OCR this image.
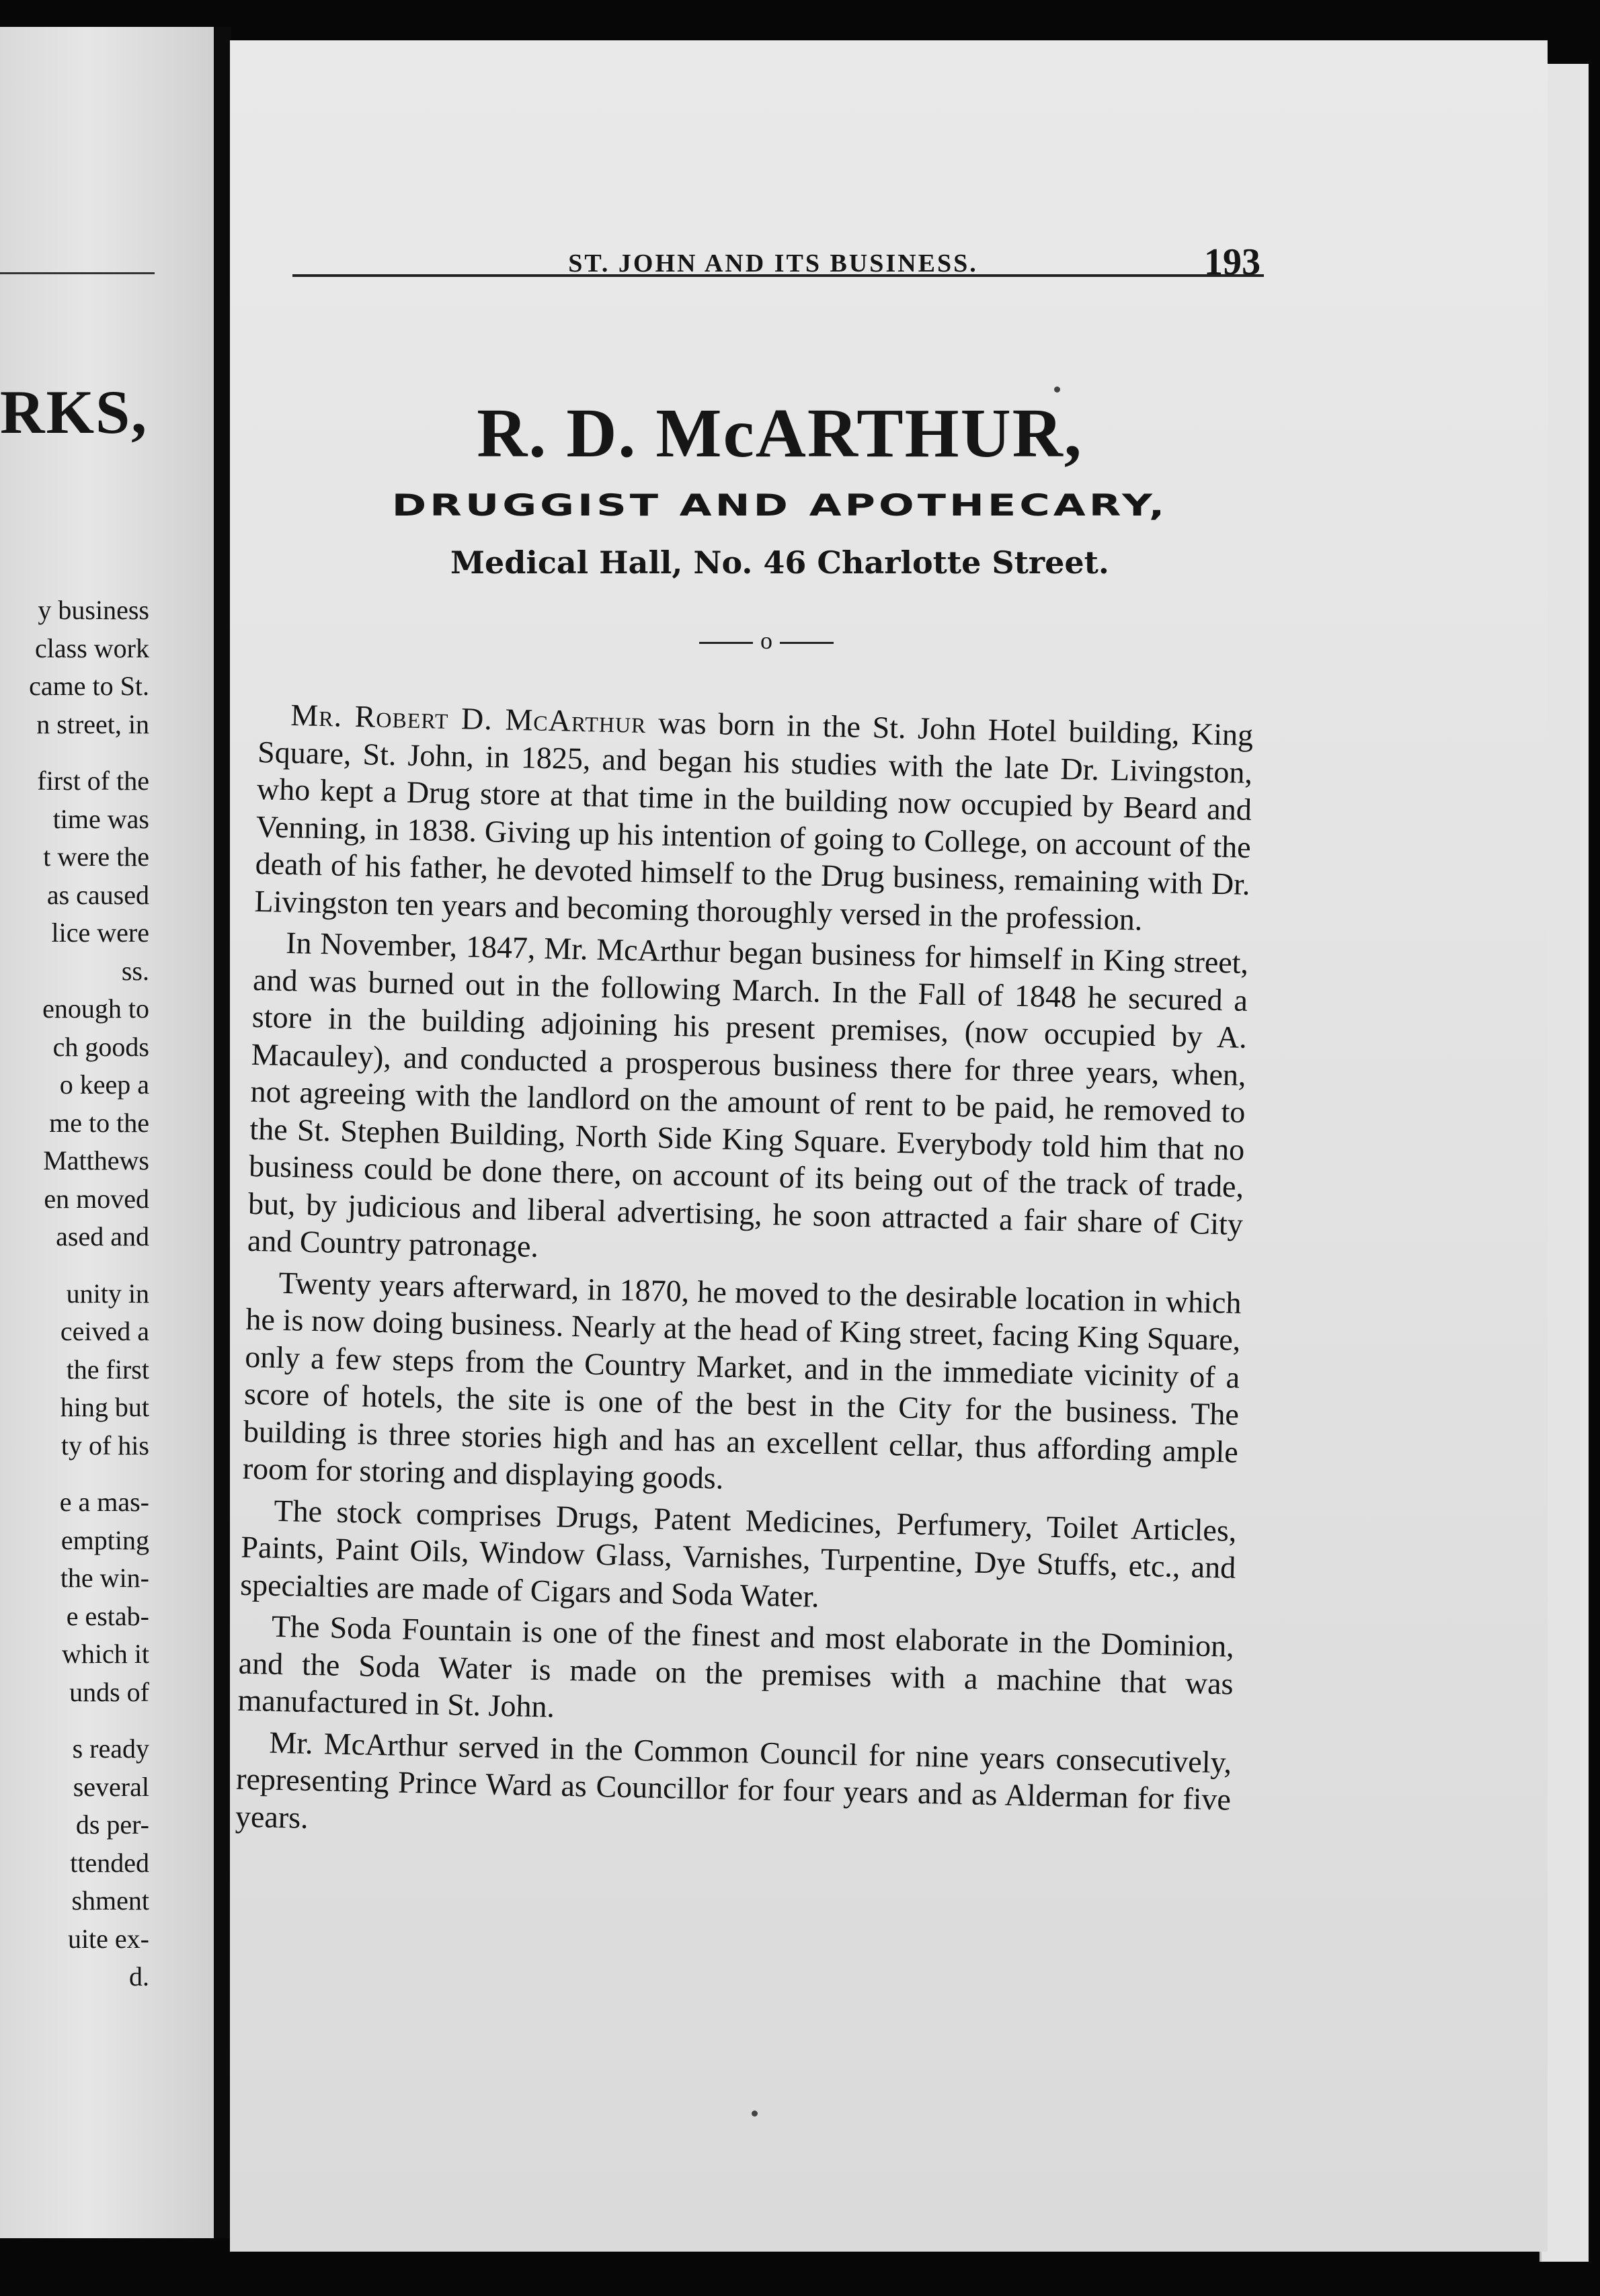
RKS,
y business
class work
came to St.
n street, in
first of the
time was
t were the
as caused
lice were
ss.
enough to
ch goods
o keep a
me to the
Matthews
en moved
ased and
unity in
ceived a
the first
hing but
ty of his
e a mas-
empting
the win-
e estab-
which it
unds of
s ready
several
ds per-
ttended
shment
uite ex-
d.
ST. JOHN AND ITS BUSINESS.	193
R. D. McARTHUR,
DRUGGIST AND APOTHECARY,
Medical Hall, No. 46 Charlotte Street.
o

Mr. Robert D. McArthur was born in the St. John Hotel building, King Square, St. John, in 1825, and began his studies with the late Dr. Livingston, who kept a Drug store at that time in the building now occupied by Beard and Venning, in 1838. Giving up his intention of going to College, on account of the death of his father, he devoted himself to the Drug business, remaining with Dr. Livingston ten years and becoming thoroughly versed in the profession.

In November, 1847, Mr. McArthur began business for himself in King street, and was burned out in the following March. In the Fall of 1848 he secured a store in the building adjoining his present premises, (now occupied by A. Macauley), and conducted a prosperous business there for three years, when, not agreeing with the landlord on the amount of rent to be paid, he removed to the St. Stephen Building, North Side King Square. Everybody told him that no business could be done there, on account of its being out of the track of trade, but, by judicious and liberal advertising, he soon attracted a fair share of City and Country patronage.

Twenty years afterward, in 1870, he moved to the desirable location in which he is now doing business. Nearly at the head of King street, facing King Square, only a few steps from the Country Market, and in the immediate vicinity of a score of hotels, the site is one of the best in the City for the business. The building is three stories high and has an excellent cellar, thus affording ample room for storing and displaying goods.

The stock comprises Drugs, Patent Medicines, Perfumery, Toilet Articles, Paints, Paint Oils, Window Glass, Varnishes, Turpentine, Dye Stuffs, etc., and specialties are made of Cigars and Soda Water.

The Soda Fountain is one of the finest and most elaborate in the Dominion, and the Soda Water is made on the premises with a machine that was manufactured in St. John.

Mr. McArthur served in the Common Council for nine years consecutively, representing Prince Ward as Councillor for four years and as Alderman for five years.
